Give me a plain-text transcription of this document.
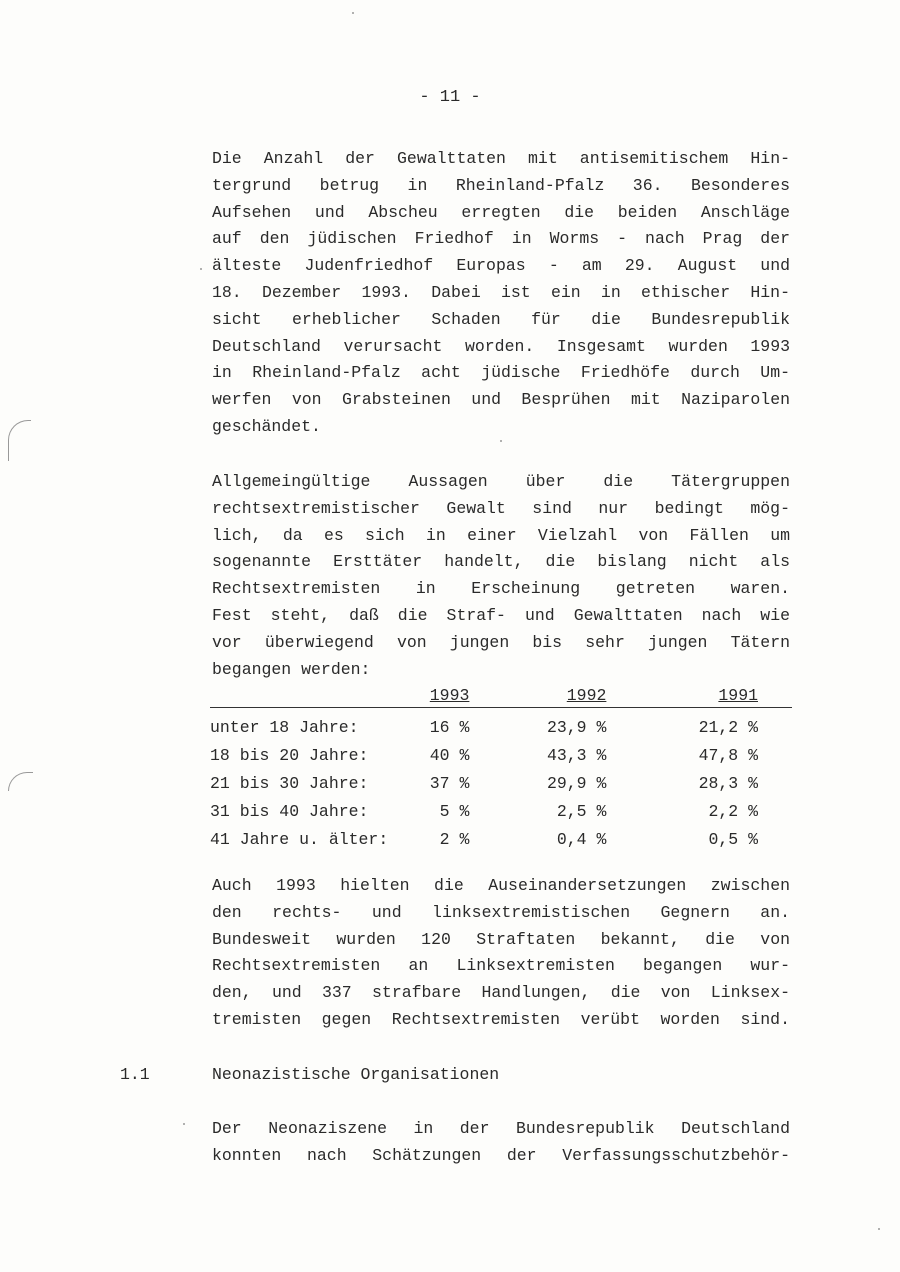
- 11 -
Die Anzahl der Gewalttaten mit antisemitischem Hin-
tergrund betrug in Rheinland-Pfalz 36. Besonderes
Aufsehen und Abscheu erregten die beiden Anschläge
auf den jüdischen Friedhof in Worms - nach Prag der
älteste Judenfriedhof Europas - am 29. August und
18. Dezember 1993. Dabei ist ein in ethischer Hin-
sicht erheblicher Schaden für die Bundesrepublik
Deutschland verursacht worden. Insgesamt wurden 1993
in Rheinland-Pfalz acht jüdische Friedhöfe durch Um-
werfen von Grabsteinen und Besprühen mit Naziparolen
geschändet.
Allgemeingültige Aussagen über die Tätergruppen
rechtsextremistischer Gewalt sind nur bedingt mög-
lich, da es sich in einer Vielzahl von Fällen um
sogenannte Ersttäter handelt, die bislang nicht als
Rechtsextremisten in Erscheinung getreten waren.
Fest steht, daß die Straf- und Gewalttaten nach wie
vor überwiegend von jungen bis sehr jungen Tätern
begangen werden:
	1993	1992	1991
unter 18 Jahre:	16 %	23,9 %	21,2 %
18 bis 20 Jahre:	40 %	43,3 %	47,8 %
21 bis 30 Jahre:	37 %	29,9 %	28,3 %
31 bis 40 Jahre:	5 %	2,5 %	2,2 %
41 Jahre u. älter:	2 %	0,4 %	0,5 %
Auch 1993 hielten die Auseinandersetzungen zwischen
den rechts- und linksextremistischen Gegnern an.
Bundesweit wurden 120 Straftaten bekannt, die von
Rechtsextremisten an Linksextremisten begangen wur-
den, und 337 strafbare Handlungen, die von Linksex-
tremisten gegen Rechtsextremisten verübt worden sind.
1.1	Neonazistische Organisationen
Der Neonaziszene in der Bundesrepublik Deutschland
konnten nach Schätzungen der Verfassungsschutzbehör-
